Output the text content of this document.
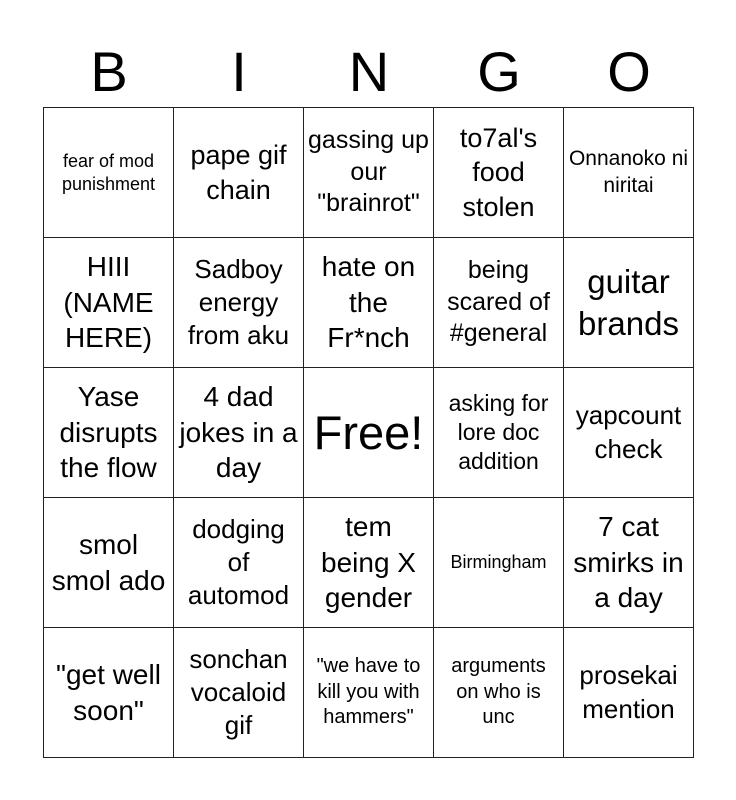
B	I	N	G	O
fear of mod punishment	pape gif chain	gassing up our "brainrot"	to7al's food stolen	Onnanoko ni niritai
HIII (NAME HERE)	Sadboy energy from aku	hate on the Fr*nch	being scared of #general	guitar brands
Yase disrupts the flow	4 dad jokes in a day	Free!	asking for lore doc addition	yapcount check
smol smol ado	dodging of automod	tem being X gender	Birmingham	7 cat smirks in a day
"get well soon"	sonchan vocaloid gif	"we have to kill you with hammers"	arguments on who is unc	prosekai mention
